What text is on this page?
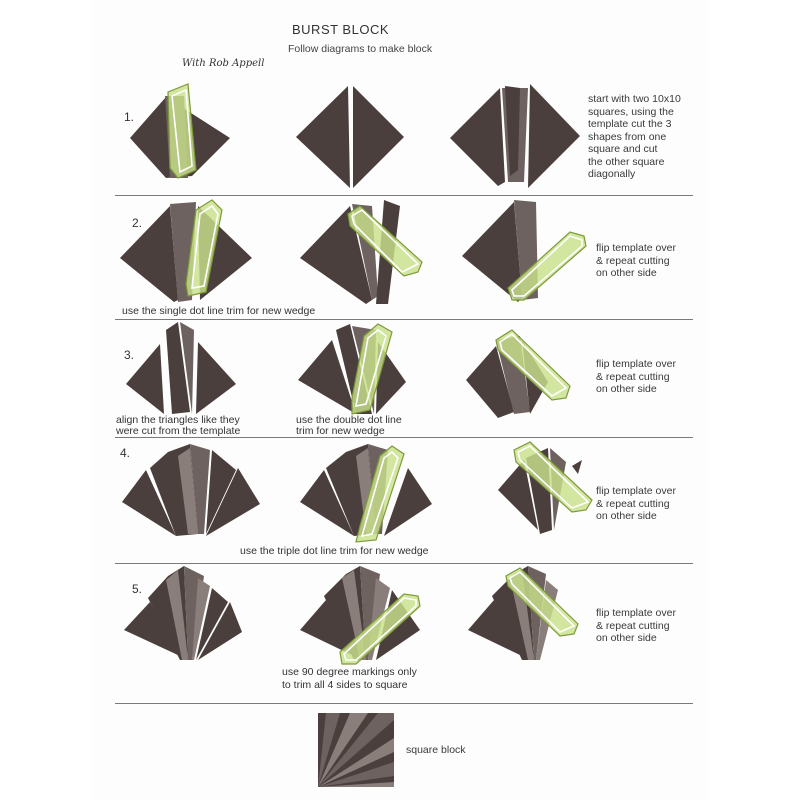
BURST BLOCK
Follow diagrams to make block
With Rob Appell
1.
2.
3.
4.
5.
start with two 10x10
squares, using the
template cut the 3
shapes from one
square and cut
the other square
diagonally
flip template over
& repeat cutting
on other side
flip template over
& repeat cutting
on other side
flip template over
& repeat cutting
on other side
flip template over
& repeat cutting
on other side
use the single dot line trim for new wedge
align the triangles like they
were cut from the template
use the double dot line
trim for new wedge
use the triple dot line trim for new wedge
use 90 degree markings only
to trim all 4 sides to square
square block
